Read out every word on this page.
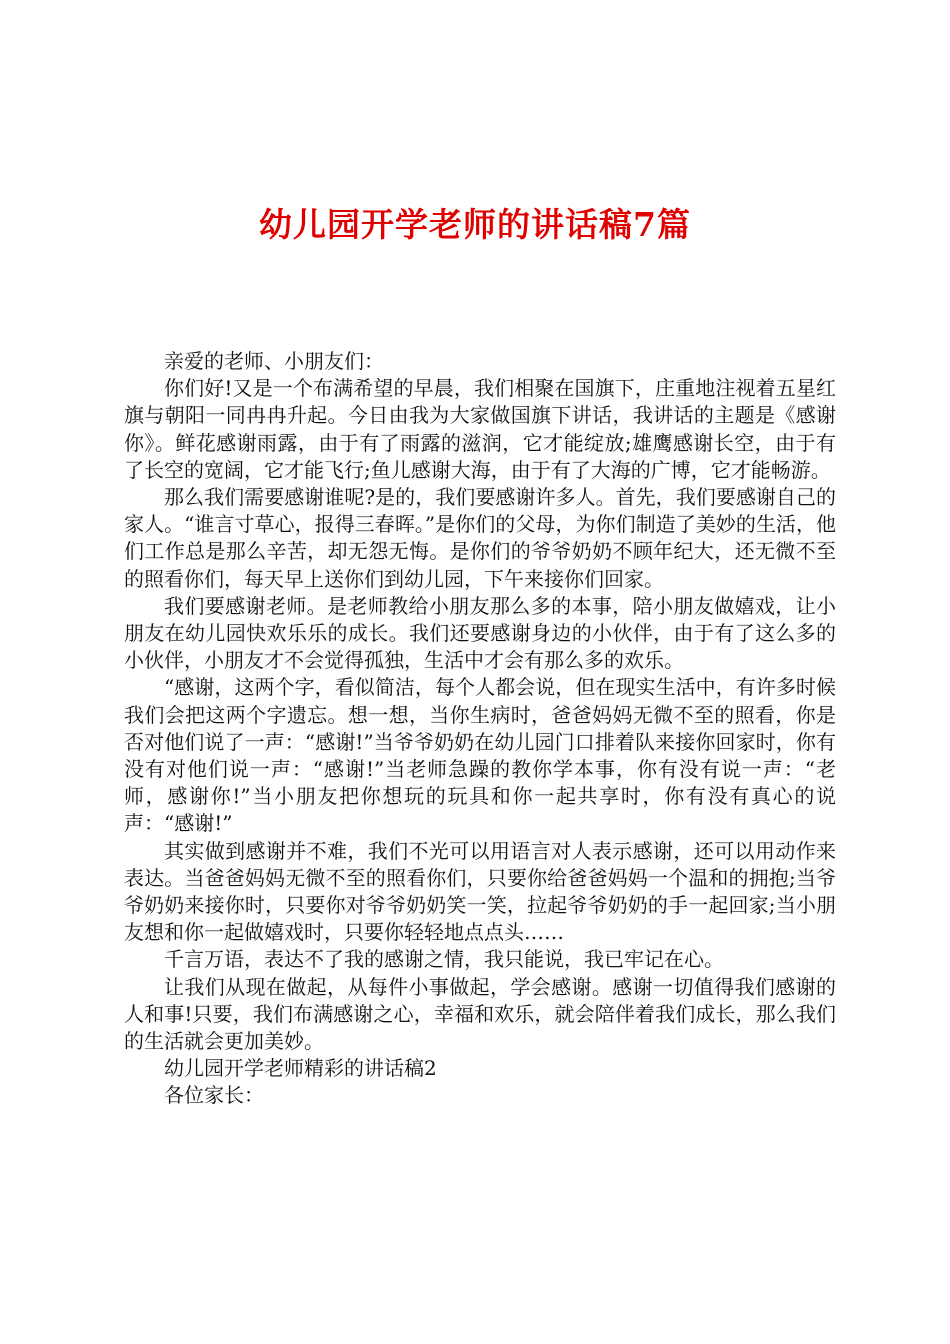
幼儿园开学老师的讲话稿7篇

亲爱的老师、小朋友们：

你们好!又是一个布满希望的早晨，我们相聚在国旗下，庄重地注视着五星红旗与朝阳一同冉冉升起。今日由我为大家做国旗下讲话，我讲话的主题是《感谢你》。鲜花感谢雨露，由于有了雨露的滋润，它才能绽放;雄鹰感谢长空，由于有了长空的宽阔，它才能飞行;鱼儿感谢大海，由于有了大海的广博，它才能畅游。

那么我们需要感谢谁呢?是的，我们要感谢许多人。首先，我们要感谢自己的家人。“谁言寸草心，报得三春晖。”是你们的父母，为你们制造了美妙的生活，他们工作总是那么辛苦，却无怨无悔。是你们的爷爷奶奶不顾年纪大，还无微不至的照看你们，每天早上送你们到幼儿园，下午来接你们回家。

我们要感谢老师。是老师教给小朋友那么多的本事，陪小朋友做嬉戏，让小朋友在幼儿园快欢乐乐的成长。我们还要感谢身边的小伙伴，由于有了这么多的小伙伴，小朋友才不会觉得孤独，生活中才会有那么多的欢乐。

“感谢，这两个字，看似简洁，每个人都会说，但在现实生活中，有许多时候我们会把这两个字遗忘。想一想，当你生病时，爸爸妈妈无微不至的照看，你是否对他们说了一声：“感谢!”当爷爷奶奶在幼儿园门口排着队来接你回家时，你有没有对他们说一声：“感谢!”当老师急躁的教你学本事，你有没有说一声：“老师，感谢你!”当小朋友把你想玩的玩具和你一起共享时，你有没有真心的说声：“感谢!”

其实做到感谢并不难，我们不光可以用语言对人表示感谢，还可以用动作来表达。当爸爸妈妈无微不至的照看你们，只要你给爸爸妈妈一个温和的拥抱;当爷爷奶奶来接你时，只要你对爷爷奶奶笑一笑，拉起爷爷奶奶的手一起回家;当小朋友想和你一起做嬉戏时，只要你轻轻地点点头……

千言万语，表达不了我的感谢之情，我只能说，我已牢记在心。

让我们从现在做起，从每件小事做起，学会感谢。感谢一切值得我们感谢的人和事!只要，我们布满感谢之心，幸福和欢乐，就会陪伴着我们成长，那么我们的生活就会更加美妙。

幼儿园开学老师精彩的讲话稿2

各位家长：
